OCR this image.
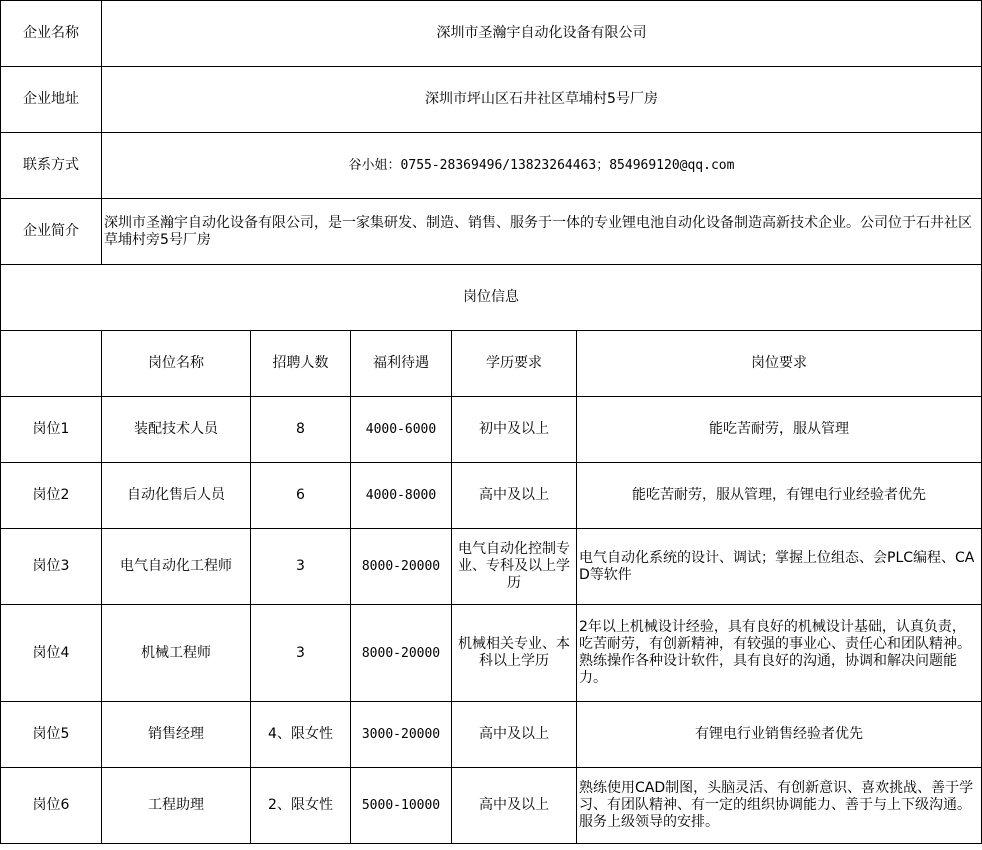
企业名称	深圳市圣瀚宇自动化设备有限公司				
企业地址	深圳市坪山区石井社区草埔村5号厂房				
联系方式	谷小姐：0755-28369496/13823264463；854969120@qq.com				
企业简介	深圳市圣瀚宇自动化设备有限公司，是一家集研发、制造、销售、服务于一体的专业锂电池自动化设备制造高新技术企业。公司位于石井社区草埔村旁5号厂房				
岗位信息					
	岗位名称	招聘人数	福利待遇	学历要求	岗位要求
岗位1	装配技术人员	8	4000-6000	初中及以上	能吃苦耐劳，服从管理
岗位2	自动化售后人员	6	4000-8000	高中及以上	能吃苦耐劳，服从管理，有锂电行业经验者优先
岗位3	电气自动化工程师	3	8000-20000	电气自动化控制专业、专科及以上学历	电气自动化系统的设计、调试；掌握上位组态、会PLC编程、CAD等软件
岗位4	机械工程师	3	8000-20000	机械相关专业、本科以上学历	2年以上机械设计经验，具有良好的机械设计基础，认真负责，吃苦耐劳，有创新精神，有较强的事业心、责任心和团队精神。熟练操作各种设计软件，具有良好的沟通，协调和解决问题能力。
岗位5	销售经理	4、限女性	3000-20000	高中及以上	有锂电行业销售经验者优先
岗位6	工程助理	2、限女性	5000-10000	高中及以上	熟练使用CAD制图，头脑灵活、有创新意识、喜欢挑战、善于学习、有团队精神、有一定的组织协调能力、善于与上下级沟通。服务上级领导的安排。
